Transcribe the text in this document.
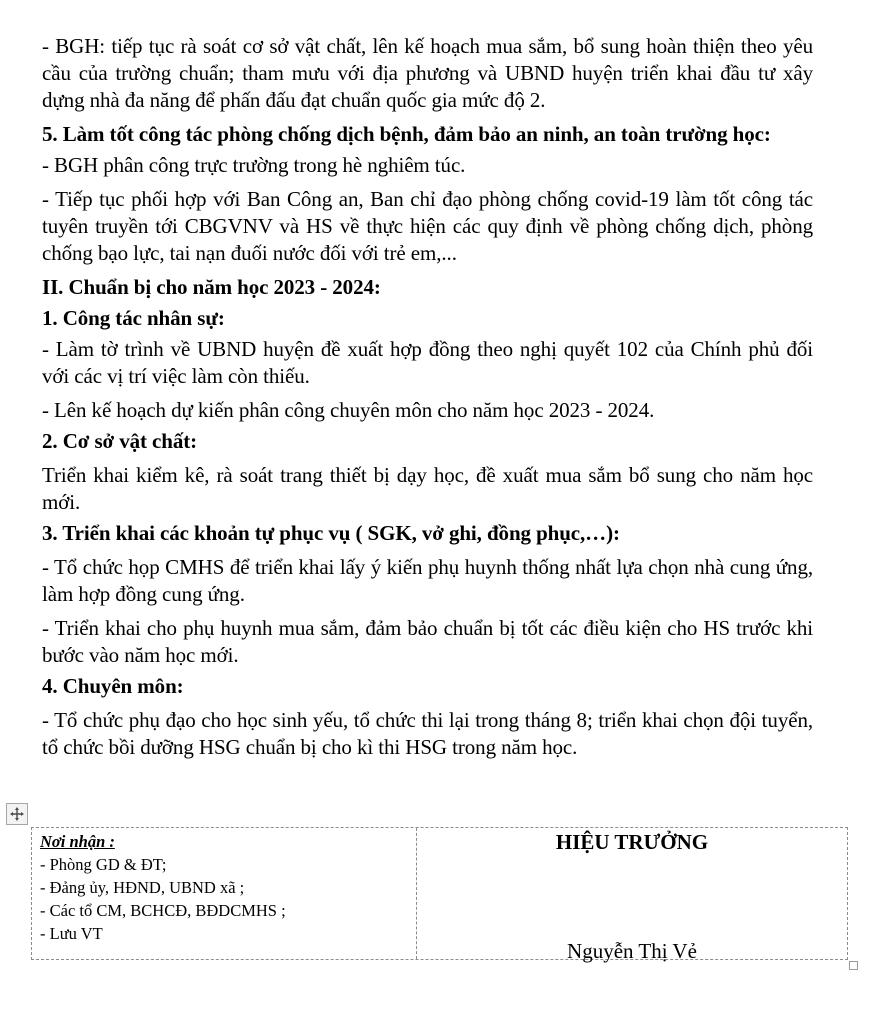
- BGH: tiếp tục rà soát cơ sở vật chất, lên kế hoạch mua sắm, bổ sung hoàn thiện theo yêu cầu của trường chuẩn; tham mưu với địa phương và UBND huyện triển khai đầu tư xây dựng nhà đa năng để phấn đấu đạt chuẩn quốc gia mức độ 2.

5. Làm tốt công tác phòng chống dịch bệnh, đảm bảo an ninh, an toàn trường học:

- BGH phân công trực trường trong hè nghiêm túc.

- Tiếp tục phối hợp với Ban Công an, Ban chỉ đạo phòng chống covid-19 làm tốt công tác tuyên truyền tới CBGVNV và HS về thực hiện các quy định về phòng chống dịch, phòng chống bạo lực, tai nạn đuối nước đối với trẻ em,...

II. Chuẩn bị cho năm học 2023 - 2024:

1. Công tác nhân sự:

- Làm tờ trình về UBND huyện đề xuất hợp đồng theo nghị quyết 102 của Chính phủ đối với các vị trí việc làm còn thiếu.

- Lên kế hoạch dự kiến phân công chuyên môn cho năm học 2023 - 2024.

2. Cơ sở vật chất:

Triển khai kiểm kê, rà soát trang thiết bị dạy học, đề xuất mua sắm bổ sung cho năm học mới.

3. Triển khai các khoản tự phục vụ ( SGK, vở ghi, đồng phục,…):

- Tổ chức họp CMHS để triển khai lấy ý kiến phụ huynh thống nhất lựa chọn nhà cung ứng, làm hợp đồng cung ứng.

- Triển khai cho phụ huynh mua sắm, đảm bảo chuẩn bị tốt các điều kiện cho HS trước khi bước vào năm học mới.

4. Chuyên môn:

- Tổ chức phụ đạo cho học sinh yếu, tổ chức thi lại trong tháng 8; triển khai chọn đội tuyển, tổ chức bồi dưỡng HSG chuẩn bị cho kì thi HSG trong năm học.

Nơi nhận :
- Phòng GD & ĐT;
- Đảng ủy, HĐND, UBND xã ;
- Các tổ CM, BCHCĐ, BĐDCMHS ;
- Lưu VT
HIỆU TRƯỞNG
Nguyễn Thị Vẻ
